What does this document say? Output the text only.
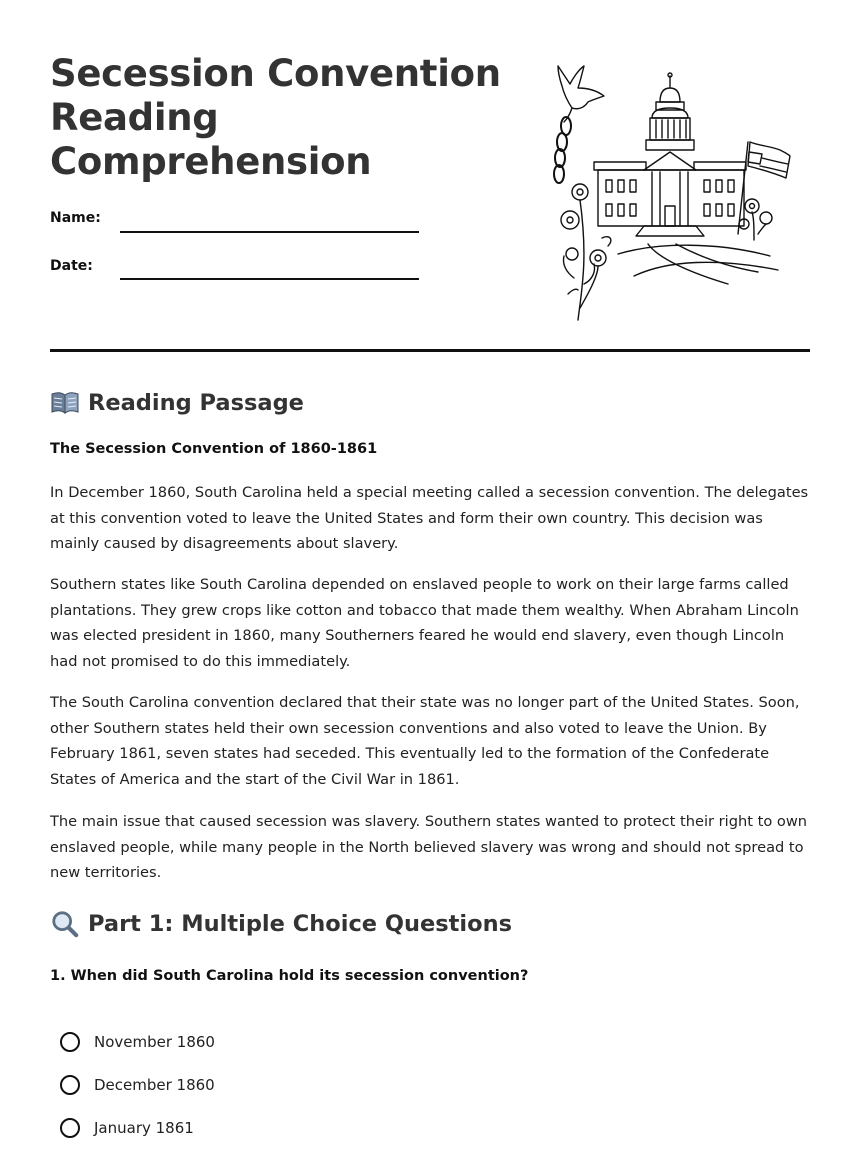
Secession Convention Reading Comprehension
Name:
Date:
Reading Passage
The Secession Convention of 1860-1861

In December 1860, South Carolina held a special meeting called a secession convention. The delegates at this convention voted to leave the United States and form their own country. This decision was mainly caused by disagreements about slavery.

Southern states like South Carolina depended on enslaved people to work on their large farms called plantations. They grew crops like cotton and tobacco that made them wealthy. When Abraham Lincoln was elected president in 1860, many Southerners feared he would end slavery, even though Lincoln had not promised to do this immediately.

The South Carolina convention declared that their state was no longer part of the United States. Soon, other Southern states held their own secession conventions and also voted to leave the Union. By February 1861, seven states had seceded. This eventually led to the formation of the Confederate States of America and the start of the Civil War in 1861.

The main issue that caused secession was slavery. Southern states wanted to protect their right to own enslaved people, while many people in the North believed slavery was wrong and should not spread to new territories.

Part 1: Multiple Choice Questions
1. When did South Carolina hold its secession convention?
November 1860
December 1860
January 1861
